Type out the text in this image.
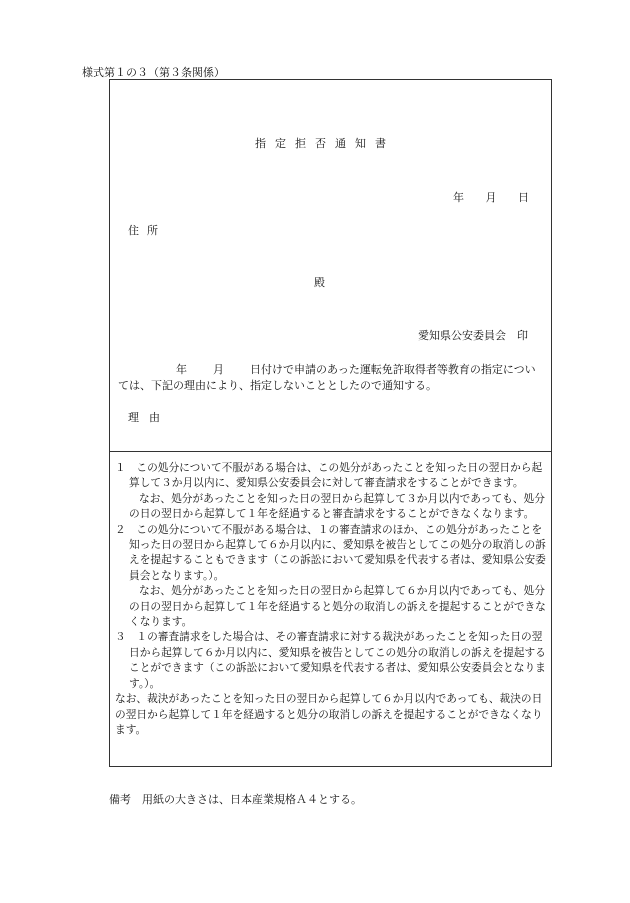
様式第１の３（第３条関係）
指定拒否通知書
年 月 日
住所
殿
愛知県公安委員会　印
年 月 日付けで申請のあった運転免許取得者等教育の指定につい
ては、下記の理由により、指定しないこととしたので通知する。
理由

１　この処分について不服がある場合は、この処分があったことを知った日の翌日から起算して３か月以内に、愛知県公安委員会に対して審査請求をすることができます。

なお、処分があったことを知った日の翌日から起算して３か月以内であっても、処分の日の翌日から起算して１年を経過すると審査請求をすることができなくなります。

２　この処分について不服がある場合は、１の審査請求のほか、この処分があったことを知った日の翌日から起算して６か月以内に、愛知県を被告としてこの処分の取消しの訴えを提起することもできます（この訴訟において愛知県を代表する者は、愛知県公安委員会となります。）。

なお、処分があったことを知った日の翌日から起算して６か月以内であっても、処分の日の翌日から起算して１年を経過すると処分の取消しの訴えを提起することができなくなります。

３　１の審査請求をした場合は、その審査請求に対する裁決があったことを知った日の翌日から起算して６か月以内に、愛知県を被告としてこの処分の取消しの訴えを提起することができます（この訴訟において愛知県を代表する者は、愛知県公安委員会となります。）。

なお、裁決があったことを知った日の翌日から起算して６か月以内であっても、裁決の日の翌日から起算して１年を経過すると処分の取消しの訴えを提起することができなくなります。

備考　用紙の大きさは、日本産業規格Ａ４とする。
